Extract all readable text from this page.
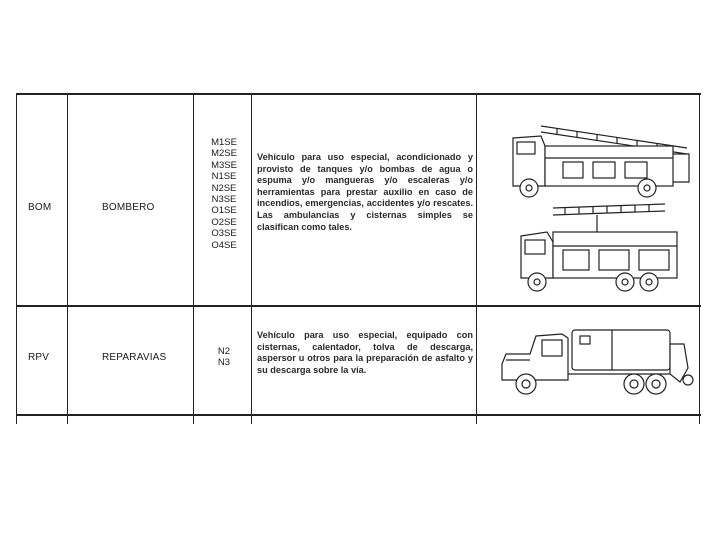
BOM	BOMBERO
M1SE
M2SE
M3SE
N1SE
N2SE
N3SE
O1SE
O2SE
O3SE
O4SE
Vehículo para uso especial, acondicionado y provisto de tanques y/o bombas de agua o espuma y/o mangueras y/o escaleras y/o herramientas para prestar auxilio en caso de incendios, emergencias, accidentes y/o rescates. Las ambulancias y cisternas simples se clasifican como tales.
RPV	REPARAVIAS
N2
N3
Vehículo para uso especial, equipado con cisternas, calentador, tolva de descarga, aspersor u otros para la preparación de asfalto y su descarga sobre la vía.
